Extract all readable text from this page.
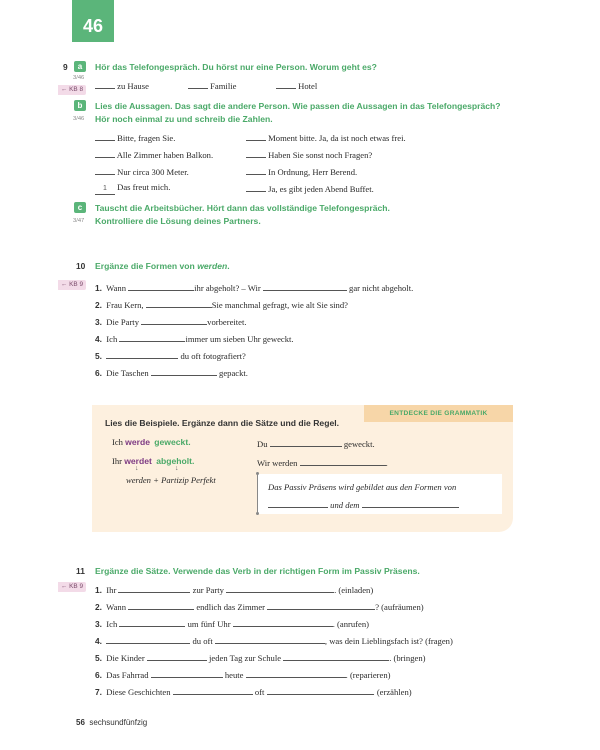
46
9	a	Hör das Telefongespräch. Du hörst nur eine Person. Worum geht es?
3/46
← KB 8	zu Hause	Familie	Hotel
b	Lies die Aussagen. Das sagt die andere Person. Wie passen die Aussagen in das Telefongespräch?
Hör noch einmal zu und schreib die Zahlen.
3/46
Bitte, fragen Sie.
Alle Zimmer haben Balkon.
Nur circa 300 Meter.
1 Das freut mich.
Moment bitte. Ja, da ist noch etwas frei.
Haben Sie sonst noch Fragen?
In Ordnung, Herr Berend.
Ja, es gibt jeden Abend Buffet.
c	Tauscht die Arbeitsbücher. Hört dann das vollständige Telefongespräch.
Kontrolliere die Lösung deines Partners.
3/47
10 Ergänze die Formen von werden.
← KB 9	1. Wann	ihr abgeholt? – Wir	gar nicht abgeholt.
2. Frau Kern,	Sie manchmal gefragt, wie alt Sie sind?
3. Die Party	vorbereitet.
4. Ich	immer um sieben Uhr geweckt.
5.	du oft fotografiert?
6. Die Taschen	gepackt.
ENTDECKE DIE GRAMMATIK
Lies die Beispiele. Ergänze dann die Sätze und die Regel.
Ich werde geweckt.
Ihr werdet abgeholt.
↓	↓
werden + Partizip Perfekt
Du	geweckt.
Wir werden	.
Das Passiv Präsens wird gebildet aus den Formen von
und dem	.
11 Ergänze die Sätze. Verwende das Verb in der richtigen Form im Passiv Präsens.
← KB 9	1. Ihr	zur Party	. (einladen)
2. Wann	endlich das Zimmer	? (aufräumen)
3. Ich	um fünf Uhr	. (anrufen)
4.	du oft	, was dein Lieblingsfach ist? (fragen)
5. Die Kinder	jeden Tag zur Schule	. (bringen)
6. Das Fahrrad	heute	. (reparieren)
7. Diese Geschichten	oft	. (erzählen)
56 sechsundfünfzig
